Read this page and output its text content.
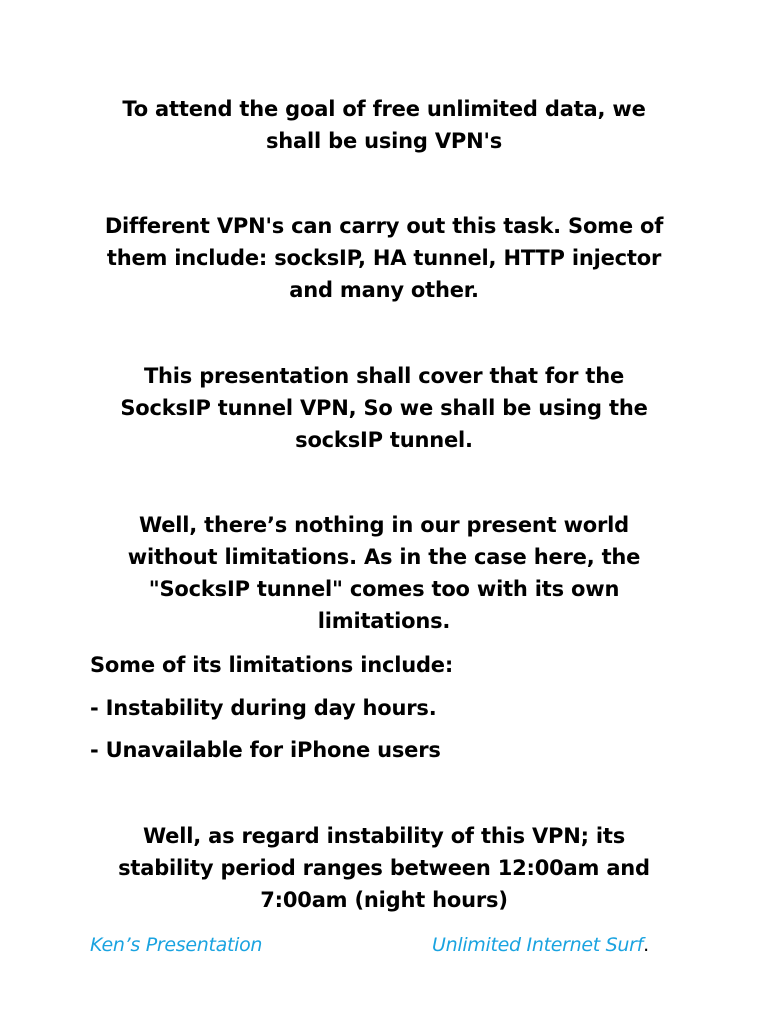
To attend the goal of free unlimited data, we
shall be using VPN's
Different VPN's can carry out this task. Some of
them include: socksIP, HA tunnel, HTTP injector
and many other.
This presentation shall cover that for the
SocksIP tunnel VPN, So we shall be using the
socksIP tunnel.
Well, there’s nothing in our present world
without limitations. As in the case here, the
"SocksIP tunnel" comes too with its own
limitations.
Some of its limitations include:
- Instability during day hours.
- Unavailable for iPhone users
Well, as regard instability of this VPN; its
stability period ranges between 12:00am and
7:00am (night hours)
Ken’s Presentation	Unlimited Internet Surf.
